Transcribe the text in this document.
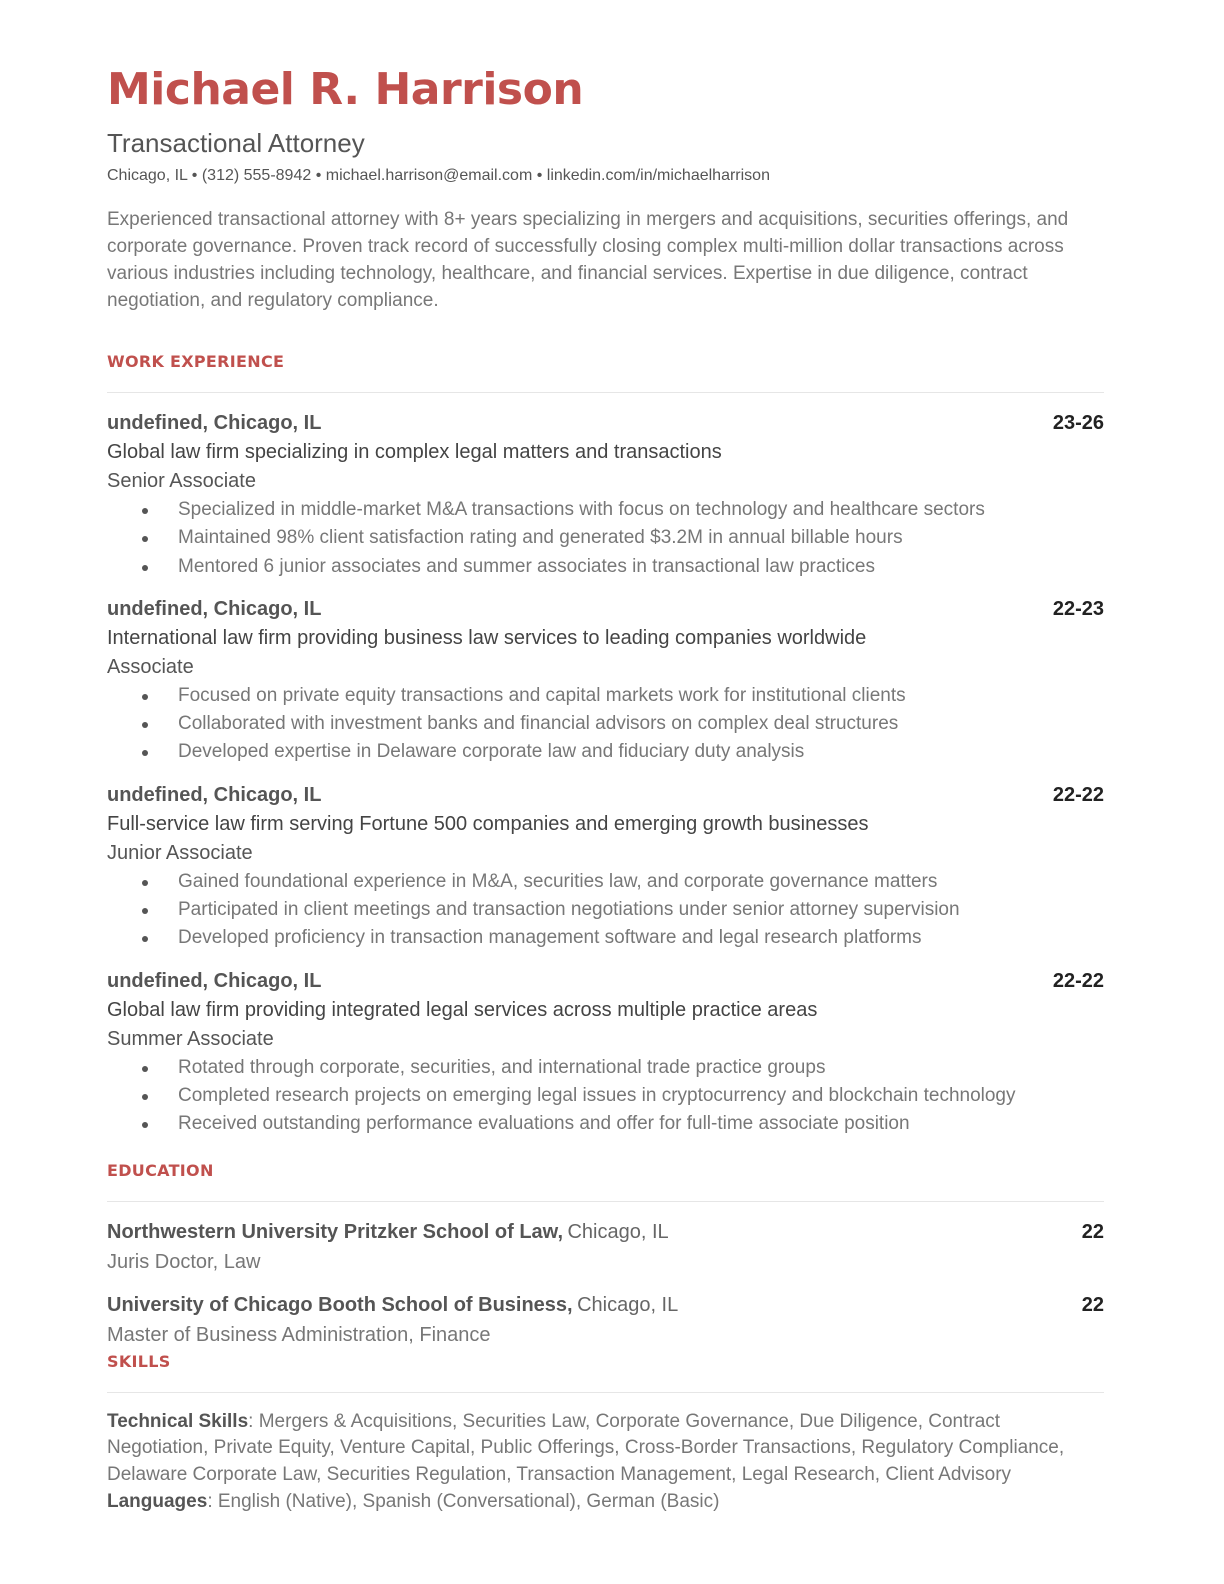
Michael R. Harrison
Transactional Attorney
Chicago, IL • (312) 555-8942 • michael.harrison@email.com • linkedin.com/in/michaelharrison

Experienced transactional attorney with 8+ years specializing in mergers and acquisitions, securities offerings, and corporate governance. Proven track record of successfully closing complex multi-million dollar transactions across various industries including technology, healthcare, and financial services. Expertise in due diligence, contract negotiation, and regulatory compliance.

WORK EXPERIENCE
undefined, Chicago, IL	23-26
Global law firm specializing in complex legal matters and transactions
Senior Associate
Specialized in middle-market M&A transactions with focus on technology and healthcare sectors
Maintained 98% client satisfaction rating and generated $3.2M in annual billable hours
Mentored 6 junior associates and summer associates in transactional law practices
undefined, Chicago, IL	22-23
International law firm providing business law services to leading companies worldwide
Associate
Focused on private equity transactions and capital markets work for institutional clients
Collaborated with investment banks and financial advisors on complex deal structures
Developed expertise in Delaware corporate law and fiduciary duty analysis
undefined, Chicago, IL	22-22
Full-service law firm serving Fortune 500 companies and emerging growth businesses
Junior Associate
Gained foundational experience in M&A, securities law, and corporate governance matters
Participated in client meetings and transaction negotiations under senior attorney supervision
Developed proficiency in transaction management software and legal research platforms
undefined, Chicago, IL	22-22
Global law firm providing integrated legal services across multiple practice areas
Summer Associate
Rotated through corporate, securities, and international trade practice groups
Completed research projects on emerging legal issues in cryptocurrency and blockchain technology
Received outstanding performance evaluations and offer for full-time associate position
EDUCATION
Northwestern University Pritzker School of Law, Chicago, IL	22
Juris Doctor, Law
University of Chicago Booth School of Business, Chicago, IL	22
Master of Business Administration, Finance
SKILLS

Technical Skills: Mergers & Acquisitions, Securities Law, Corporate Governance, Due Diligence, Contract Negotiation, Private Equity, Venture Capital, Public Offerings, Cross-Border Transactions, Regulatory Compliance, Delaware Corporate Law, Securities Regulation, Transaction Management, Legal Research, Client Advisory

Languages: English (Native), Spanish (Conversational), German (Basic)
